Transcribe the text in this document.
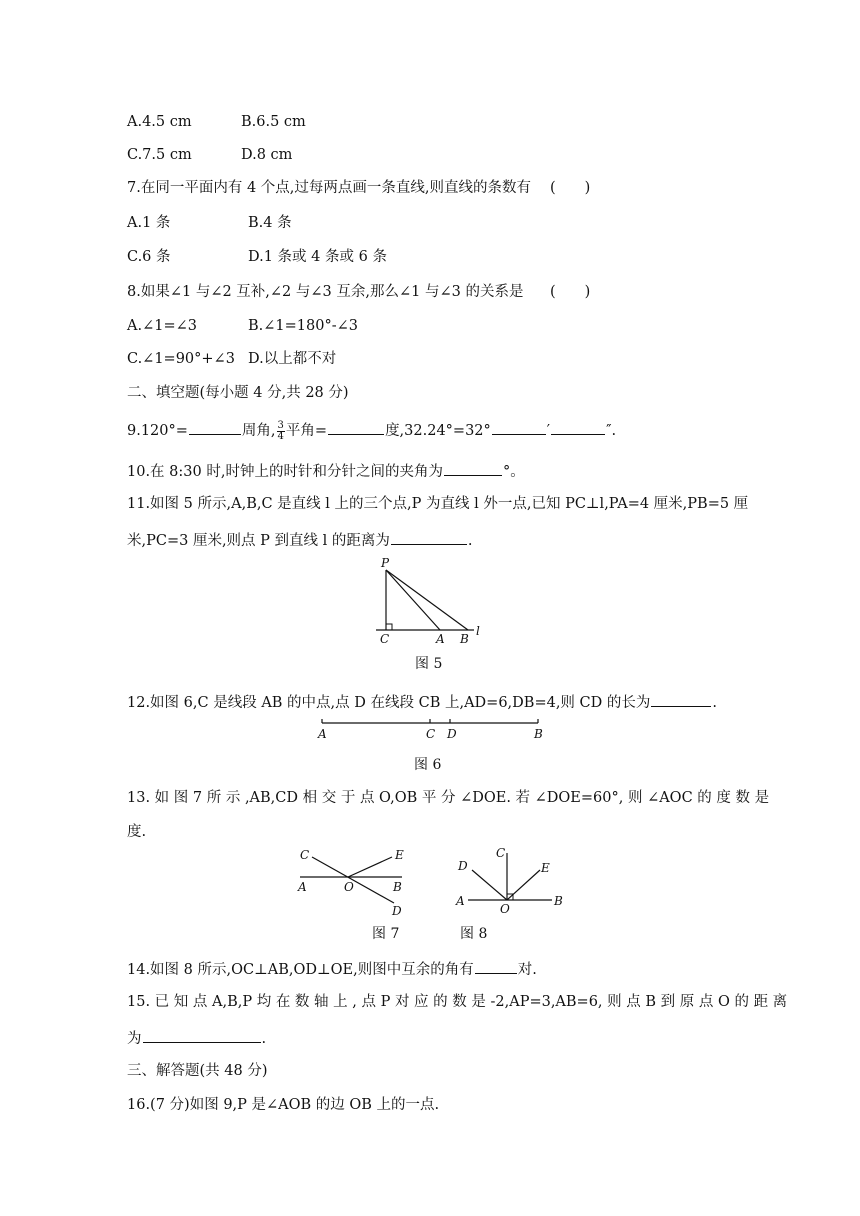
A.4.5 cm	B.6.5 cm
C.7.5 cm	D.8 cm
7.在同一平面内有 4 个点,过每两点画一条直线,则直线的条数有 (　　)
A.1 条	B.4 条
C.6 条	D.1 条或 4 条或 6 条
8.如果∠1 与∠2 互补,∠2 与∠3 互余,那么∠1 与∠3 的关系是 (　　)
A.∠1=∠3	B.∠1=180°-∠3
C.∠1=90°+∠3 D.以上都不对
二、填空题(每小题 4 分,共 28 分)
9.120°=	周角, $\frac{3}{4}$ 平角=	度,32.24°=32°	′	″.
10.在 8:30 时,时钟上的时针和分针之间的夹角为	°。
11.如图 5 所示,A,B,C 是直线 l 上的三个点,P 为直线 l 外一点,已知 PC⊥l,PA=4 厘米,PB=5 厘
米,PC=3 厘米,则点 P 到直线 l 的距离为	.
P
C	A B
l
图 5
12.如图 6,C 是线段 AB 的中点,点 D 在线段 CB 上,AD=6,DB=4,则 CD 的长为	.
A	C D	B
图 6
13. 如 图 7 所 示 ,AB,CD 相 交 于 点 O,OB 平 分 ∠DOE. 若 ∠DOE=60°, 则 ∠AOC 的 度 数 是
度.
C	E
A	O	B
D
图 7
C
D	E
A
O
B
图 8
14.如图 8 所示,OC⊥AB,OD⊥OE,则图中互余的角有	对.
15. 已 知 点 A,B,P 均 在 数 轴 上 , 点 P 对 应 的 数 是 -2,AP=3,AB=6, 则 点 B 到 原 点 O 的 距 离
为	.
三、解答题(共 48 分)
16.(7 分)如图 9,P 是∠AOB 的边 OB 上的一点.
